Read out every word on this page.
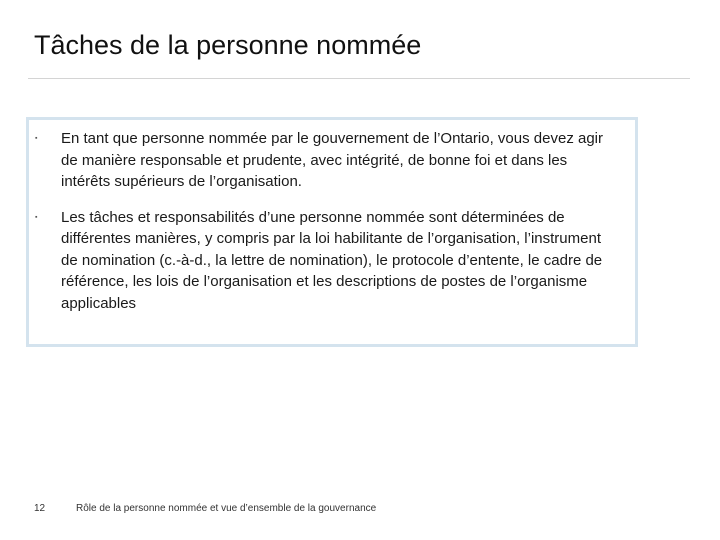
Tâches de la personne nommée
▪ En tant que personne nommée par le gouvernement de l’Ontario, vous devez agir de manière responsable et prudente, avec intégrité, de bonne foi et dans les intérêts supérieurs de l’organisation.
▪ Les tâches et responsabilités d’une personne nommée sont déterminées de différentes manières, y compris par la loi habilitante de l’organisation, l’instrument de nomination (c.-à-d., la lettre de nomination), le protocole d’entente, le cadre de référence, les lois de l’organisation et les descriptions de postes de l’organisme applicables
12	Rôle de la personne nommée et vue d’ensemble de la gouvernance
